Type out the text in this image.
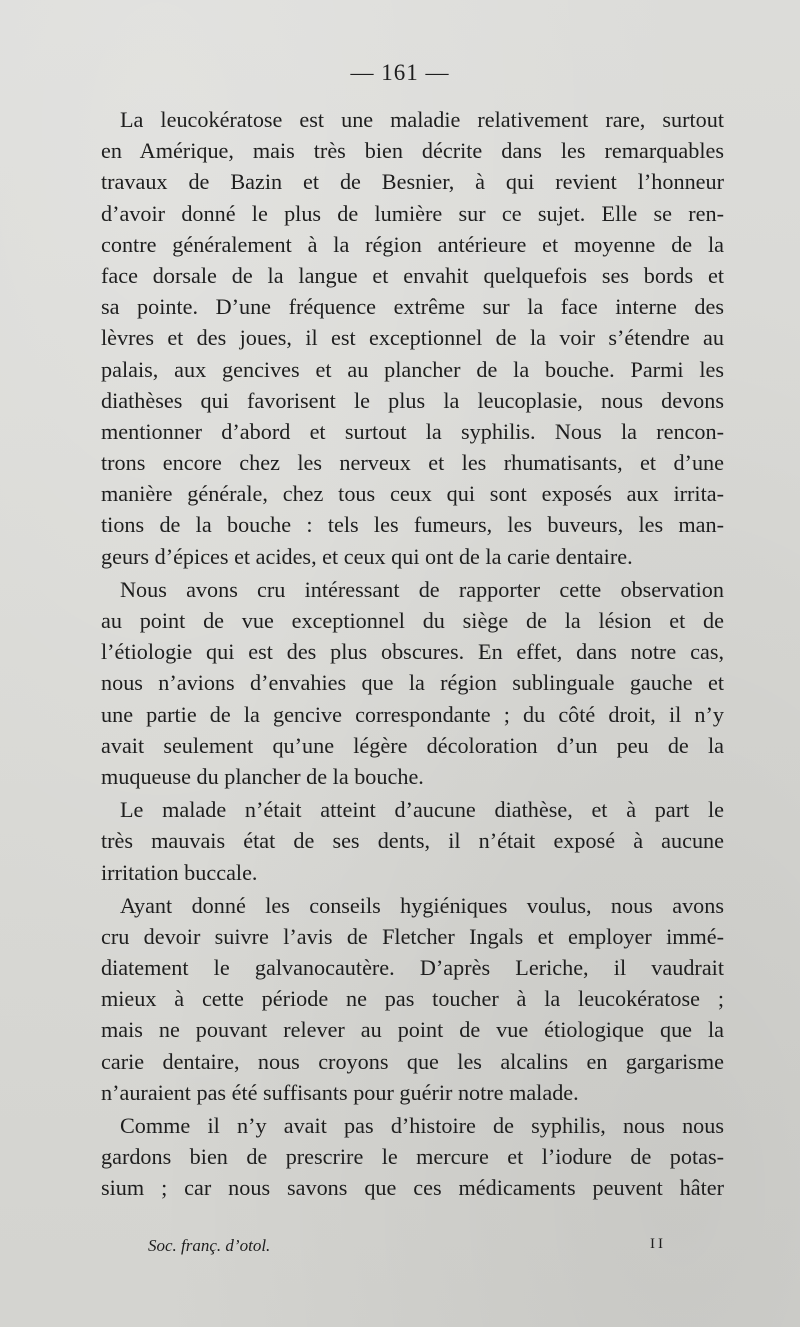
— 161 —
La leucokératose est une maladie relativement rare, surtout
en Amérique, mais très bien décrite dans les remarquables
travaux de Bazin et de Besnier, à qui revient l’honneur
d’avoir donné le plus de lumière sur ce sujet. Elle se ren-
contre généralement à la région antérieure et moyenne de la
face dorsale de la langue et envahit quelquefois ses bords et
sa pointe. D’une fréquence extrême sur la face interne des
lèvres et des joues, il est exceptionnel de la voir s’étendre au
palais, aux gencives et au plancher de la bouche. Parmi les
diathèses qui favorisent le plus la leucoplasie, nous devons
mentionner d’abord et surtout la syphilis. Nous la rencon-
trons encore chez les nerveux et les rhumatisants, et d’une
manière générale, chez tous ceux qui sont exposés aux irrita-
tions de la bouche : tels les fumeurs, les buveurs, les man-
geurs d’épices et acides, et ceux qui ont de la carie dentaire.
Nous avons cru intéressant de rapporter cette observation
au point de vue exceptionnel du siège de la lésion et de
l’étiologie qui est des plus obscures. En effet, dans notre cas,
nous n’avions d’envahies que la région sublinguale gauche et
une partie de la gencive correspondante ; du côté droit, il n’y
avait seulement qu’une légère décoloration d’un peu de la
muqueuse du plancher de la bouche.
Le malade n’était atteint d’aucune diathèse, et à part le
très mauvais état de ses dents, il n’était exposé à aucune
irritation buccale.
Ayant donné les conseils hygiéniques voulus, nous avons
cru devoir suivre l’avis de Fletcher Ingals et employer immé-
diatement le galvanocautère. D’après Leriche, il vaudrait
mieux à cette période ne pas toucher à la leucokératose ;
mais ne pouvant relever au point de vue étiologique que la
carie dentaire, nous croyons que les alcalins en gargarisme
n’auraient pas été suffisants pour guérir notre malade.
Comme il n’y avait pas d’histoire de syphilis, nous nous
gardons bien de prescrire le mercure et l’iodure de potas-
sium ; car nous savons que ces médicaments peuvent hâter
Soc. franç. d’otol.	II
